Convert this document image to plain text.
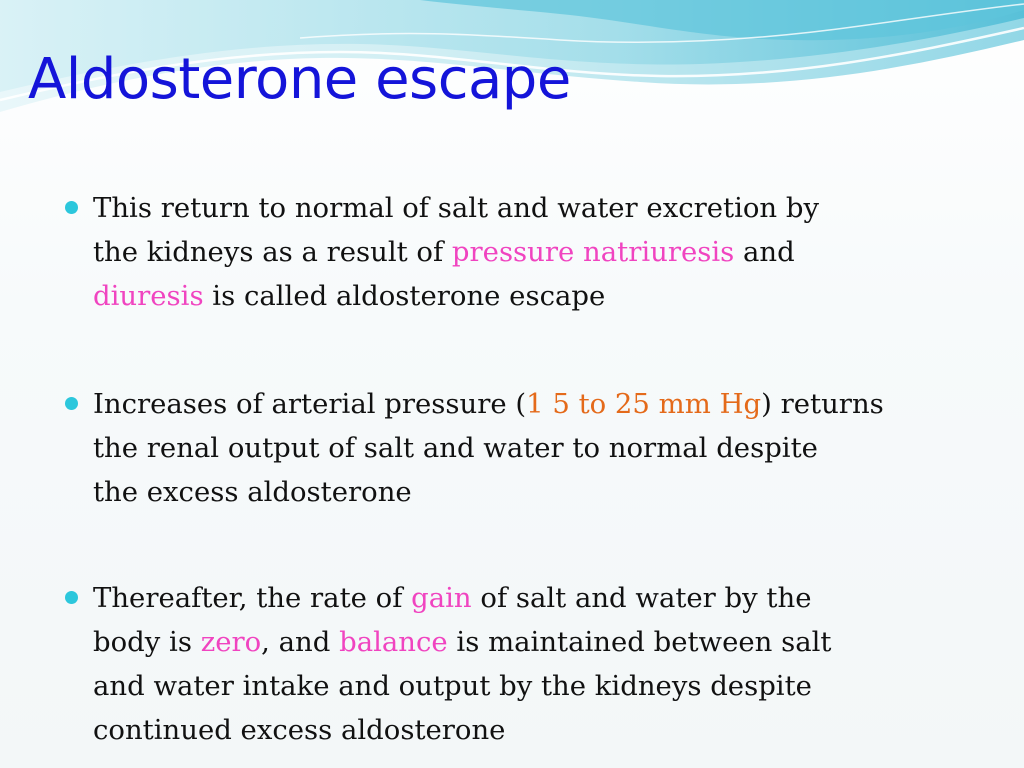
Aldosterone escape
This return to normal of salt and water excretion by
the kidneys as a result of pressure natriuresis and
diuresis is called aldosterone escape
Increases of arterial pressure (1 5 to 25 mm Hg) returns
the renal output of salt and water to normal despite
the excess aldosterone
Thereafter, the rate of gain of salt and water by the
body is zero, and balance is maintained between salt
and water intake and output by the kidneys despite
continued excess aldosterone
